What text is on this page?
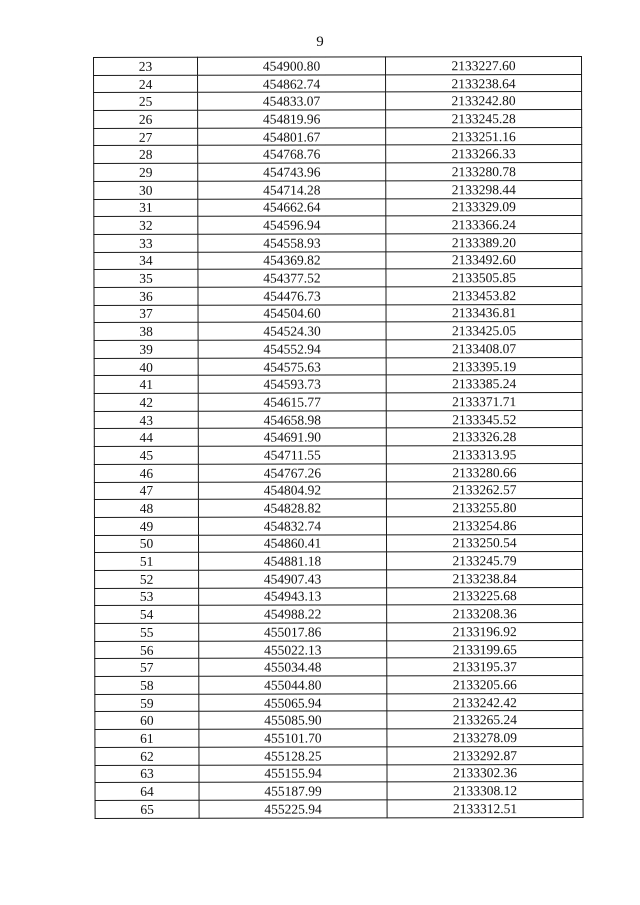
9
23	454900.80	2133227.60
24	454862.74	2133238.64
25	454833.07	2133242.80
26	454819.96	2133245.28
27	454801.67	2133251.16
28	454768.76	2133266.33
29	454743.96	2133280.78
30	454714.28	2133298.44
31	454662.64	2133329.09
32	454596.94	2133366.24
33	454558.93	2133389.20
34	454369.82	2133492.60
35	454377.52	2133505.85
36	454476.73	2133453.82
37	454504.60	2133436.81
38	454524.30	2133425.05
39	454552.94	2133408.07
40	454575.63	2133395.19
41	454593.73	2133385.24
42	454615.77	2133371.71
43	454658.98	2133345.52
44	454691.90	2133326.28
45	454711.55	2133313.95
46	454767.26	2133280.66
47	454804.92	2133262.57
48	454828.82	2133255.80
49	454832.74	2133254.86
50	454860.41	2133250.54
51	454881.18	2133245.79
52	454907.43	2133238.84
53	454943.13	2133225.68
54	454988.22	2133208.36
55	455017.86	2133196.92
56	455022.13	2133199.65
57	455034.48	2133195.37
58	455044.80	2133205.66
59	455065.94	2133242.42
60	455085.90	2133265.24
61	455101.70	2133278.09
62	455128.25	2133292.87
63	455155.94	2133302.36
64	455187.99	2133308.12
65	455225.94	2133312.51
